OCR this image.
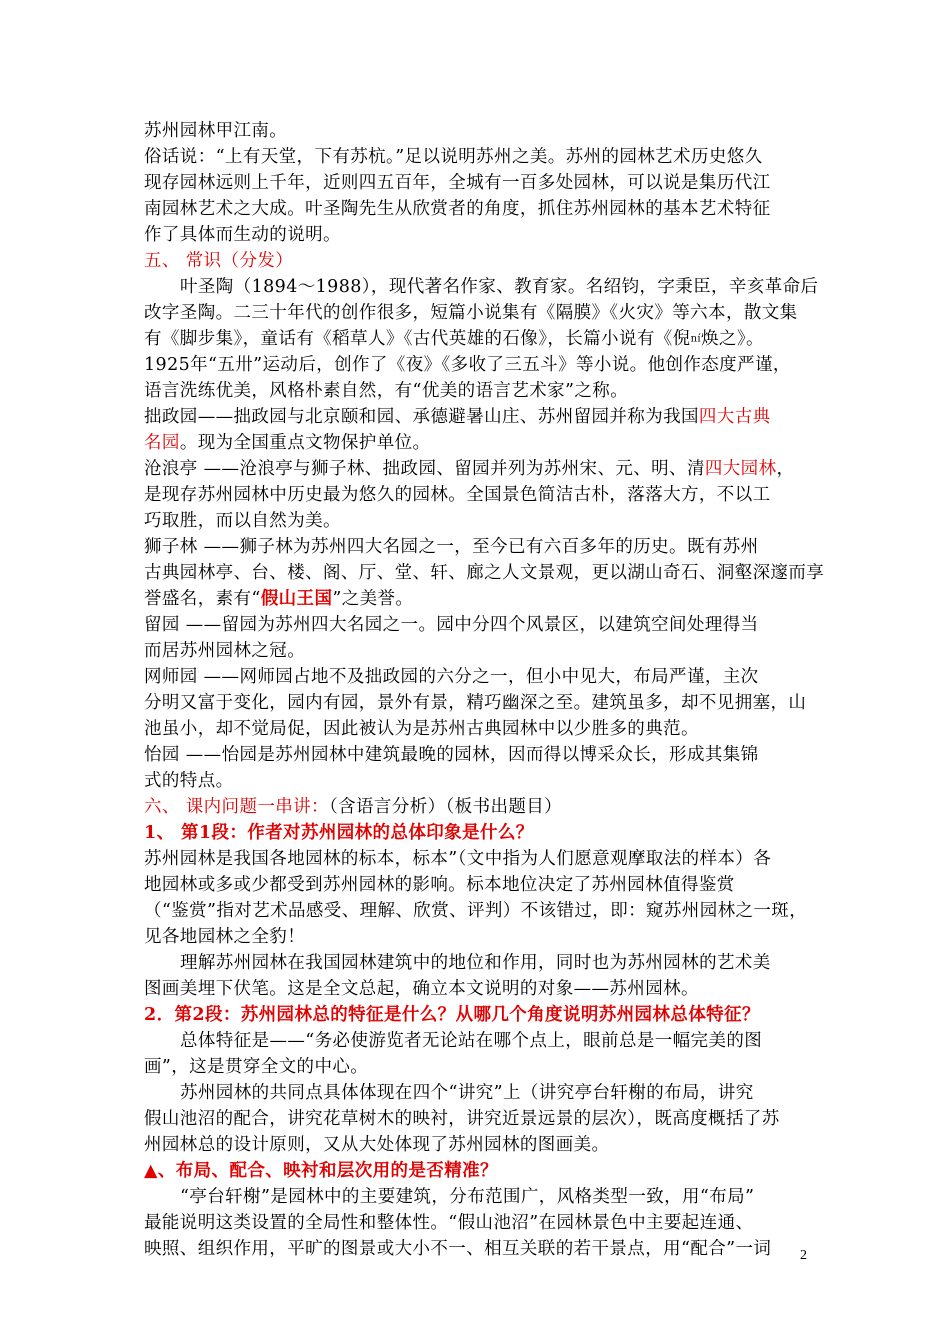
苏州园林甲江南。
俗话说：“上有天堂，下有苏杭。”足以说明苏州之美。苏州的园林艺术历史悠久
现存园林远则上千年，近则四五百年，全城有一百多处园林，可以说是集历代江
南园林艺术之大成。叶圣陶先生从欣赏者的角度，抓住苏州园林的基本艺术特征
作了具体而生动的说明。
五、 常识（分发）
叶圣陶（1894～1988），现代著名作家、教育家。名绍钧，字秉臣，辛亥革命后
改字圣陶。二三十年代的创作很多，短篇小说集有《隔膜》《火灾》等六本，散文集
有《脚步集》，童话有《稻草人》《古代英雄的石像》，长篇小说有《倪ní焕之》。
1925年“五卅”运动后，创作了《夜》《多收了三五斗》等小说。他创作态度严谨，
语言洗练优美，风格朴素自然，有“优美的语言艺术家”之称。
拙政园——拙政园与北京颐和园、承德避暑山庄、苏州留园并称为我国四大古典
名园。现为全国重点文物保护单位。
沧浪亭 ——沧浪亭与狮子林、拙政园、留园并列为苏州宋、元、明、清四大园林，
是现存苏州园林中历史最为悠久的园林。全国景色简洁古朴，落落大方，不以工
巧取胜，而以自然为美。
狮子林 ——狮子林为苏州四大名园之一，至今已有六百多年的历史。既有苏州
古典园林亭、台、楼、阁、厅、堂、轩、廊之人文景观，更以湖山奇石、洞壑深邃而享
誉盛名，素有“假山王国”之美誉。
留园 ——留园为苏州四大名园之一。园中分四个风景区，以建筑空间处理得当
而居苏州园林之冠。
网师园 ——网师园占地不及拙政园的六分之一，但小中见大，布局严谨，主次
分明又富于变化，园内有园，景外有景，精巧幽深之至。建筑虽多，却不见拥塞，山
池虽小，却不觉局促，因此被认为是苏州古典园林中以少胜多的典范。
怡园 ——怡园是苏州园林中建筑最晚的园林，因而得以博采众长，形成其集锦
式的特点。
六、 课内问题一串讲：（含语言分析）（板书出题目）
1、 第1段：作者对苏州园林的总体印象是什么？
苏州园林是我国各地园林的标本，标本”（文中指为人们愿意观摩取法的样本）各
地园林或多或少都受到苏州园林的影响。标本地位决定了苏州园林值得鉴赏
（“鉴赏”指对艺术品感受、理解、欣赏、评判）不该错过，即：窥苏州园林之一斑，
见各地园林之全豹！
理解苏州园林在我国园林建筑中的地位和作用，同时也为苏州园林的艺术美
图画美埋下伏笔。这是全文总起，确立本文说明的对象——苏州园林。
2．第2段：苏州园林总的特征是什么？从哪几个角度说明苏州园林总体特征？
总体特征是——“务必使游览者无论站在哪个点上，眼前总是一幅完美的图
画”，这是贯穿全文的中心。
苏州园林的共同点具体体现在四个“讲究”上（讲究亭台轩榭的布局，讲究
假山池沼的配合，讲究花草树木的映衬，讲究近景远景的层次），既高度概括了苏
州园林总的设计原则，又从大处体现了苏州园林的图画美。
▲、布局、配合、映衬和层次用的是否精准？
“亭台轩榭”是园林中的主要建筑，分布范围广，风格类型一致，用“布局”
最能说明这类设置的全局性和整体性。“假山池沼”在园林景色中主要起连通、
映照、组织作用，平旷的图景或大小不一、相互关联的若干景点，用“配合”一词	2
